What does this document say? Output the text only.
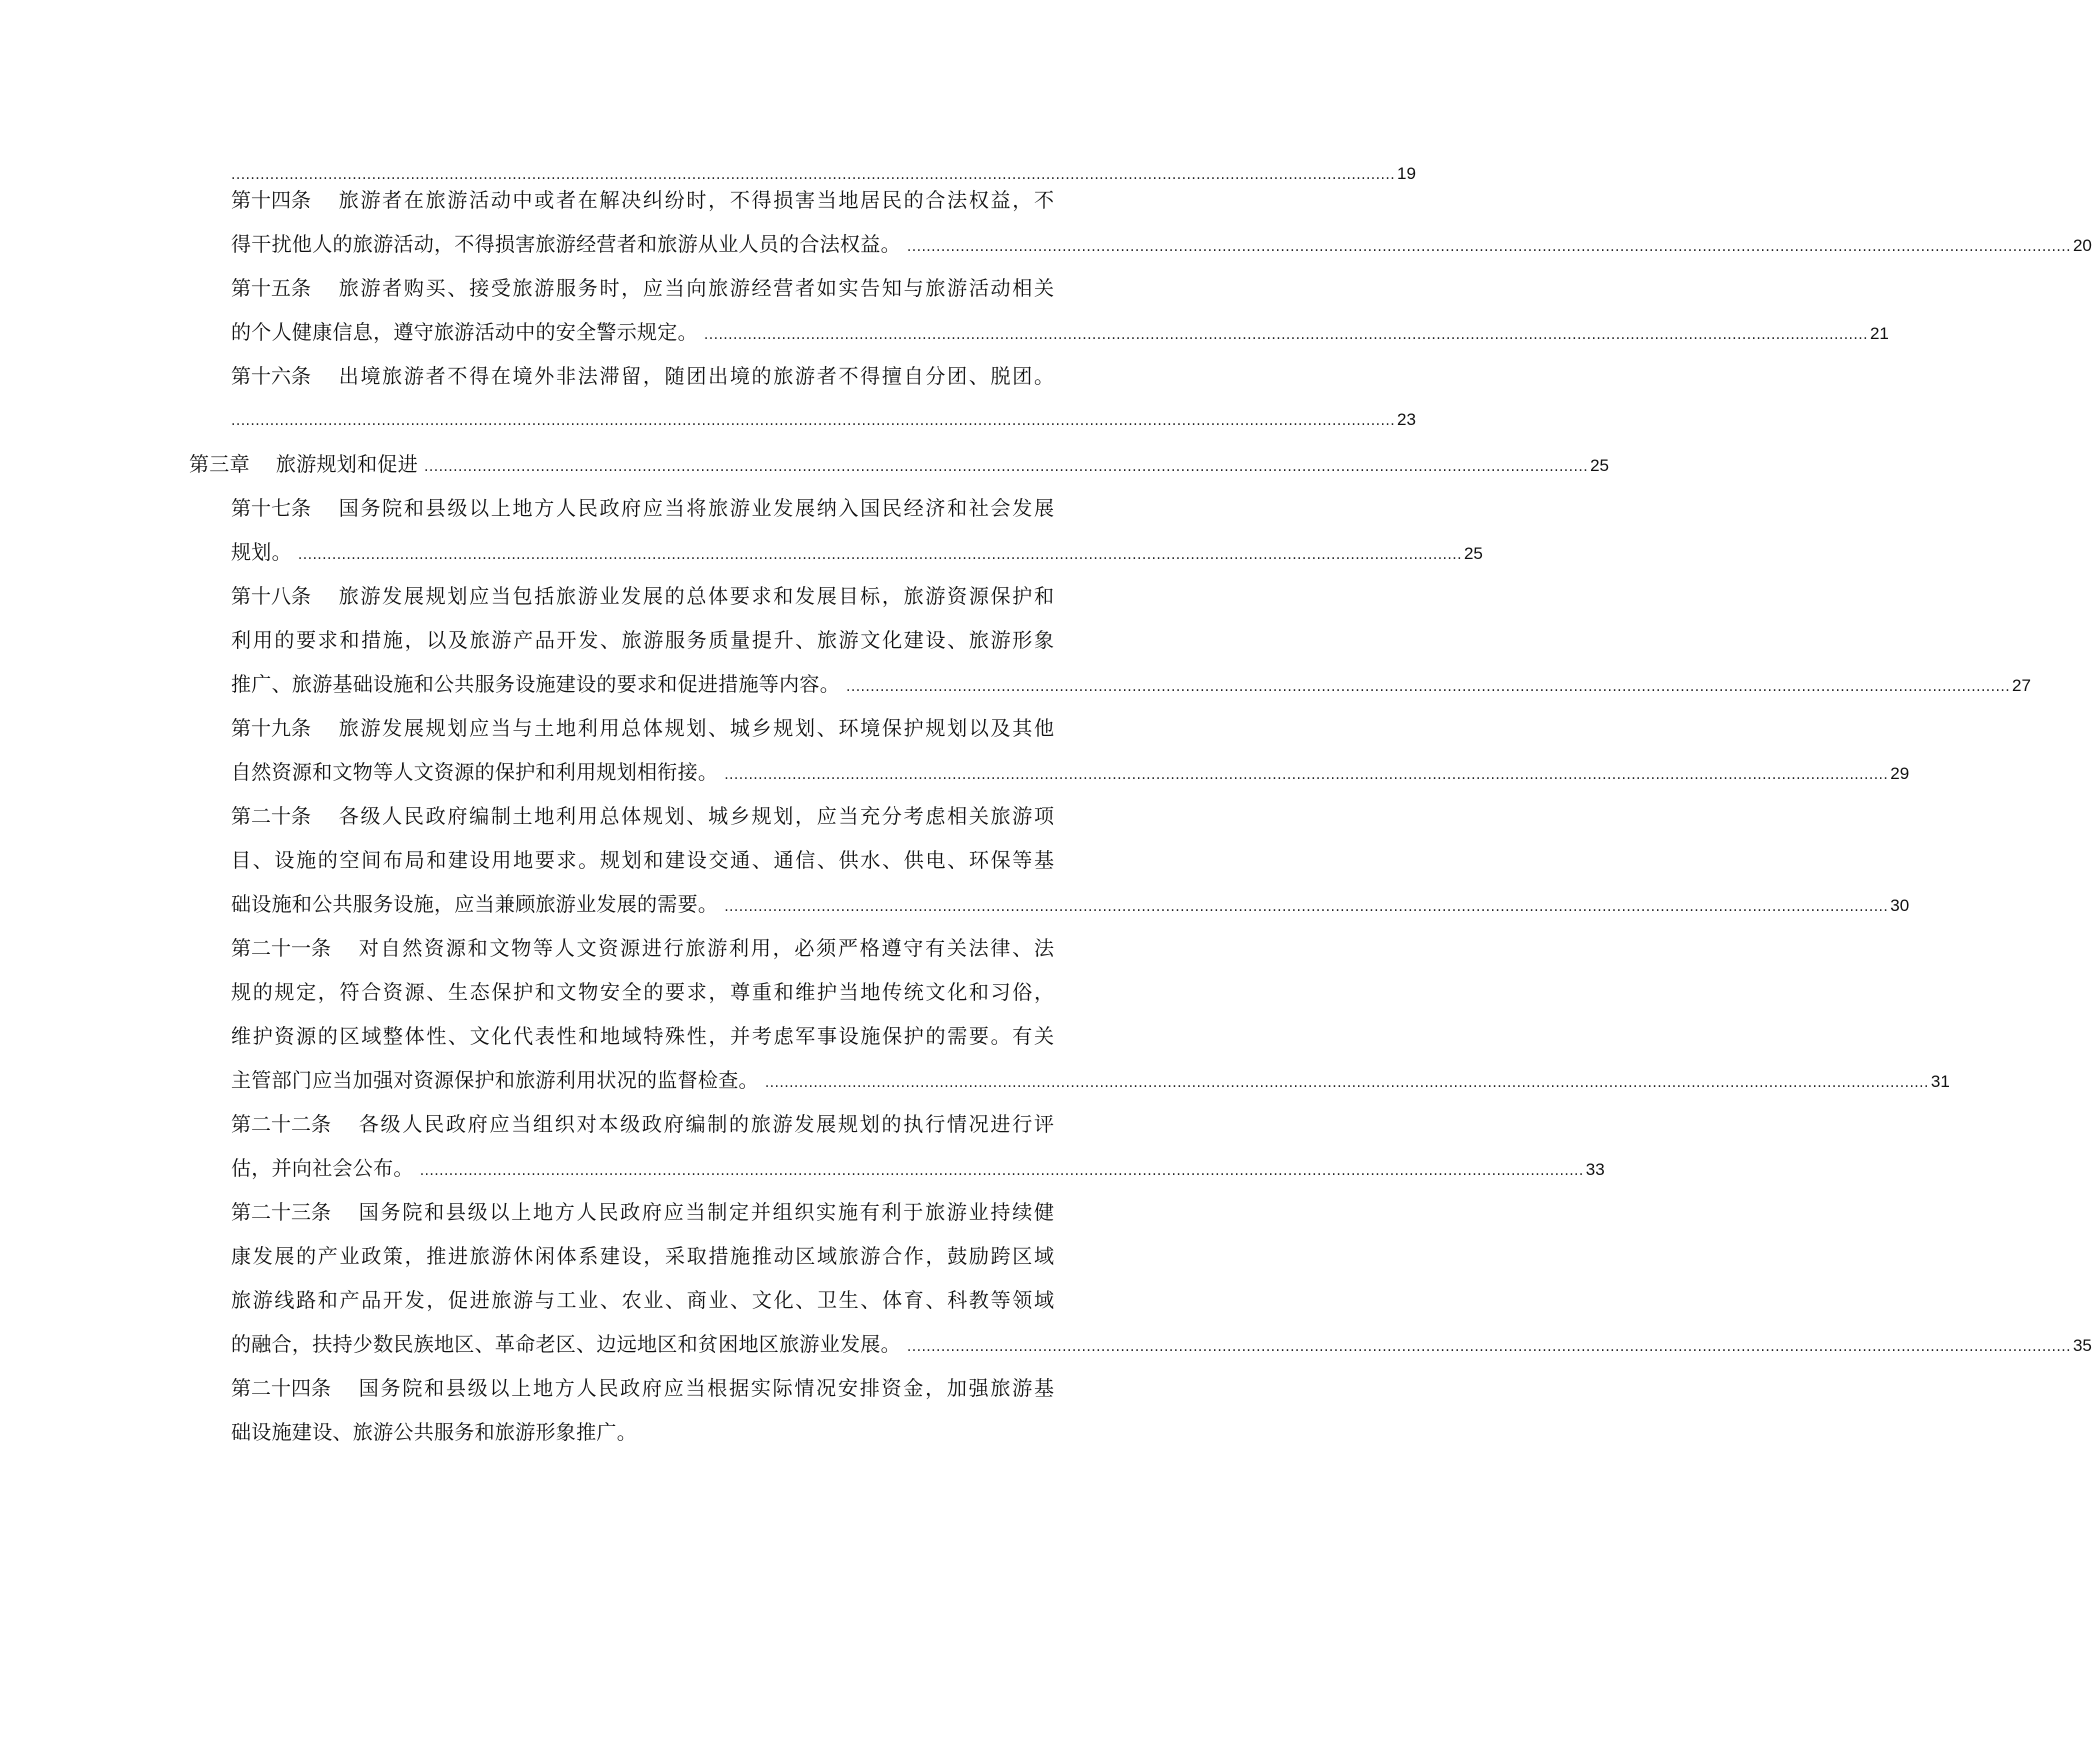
................................................................................................................................................................................................................................................ 19
第十四条 旅游者在旅游活动中或者在解决纠纷时，不得损害当地居民的合法权益，不
得干扰他人的旅游活动，不得损害旅游经营者和旅游从业人员的合法权益。 ................................................................................................................................................................................................................................................ 20
第十五条 旅游者购买、接受旅游服务时，应当向旅游经营者如实告知与旅游活动相关
的个人健康信息，遵守旅游活动中的安全警示规定。 ................................................................................................................................................................................................................................................ 21
第十六条 出境旅游者不得在境外非法滞留，随团出境的旅游者不得擅自分团、脱团。
................................................................................................................................................................................................................................................ 23
第三章 旅游规划和促进 ................................................................................................................................................................................................................................................ 25
第十七条 国务院和县级以上地方人民政府应当将旅游业发展纳入国民经济和社会发展
规划。 ................................................................................................................................................................................................................................................ 25
第十八条 旅游发展规划应当包括旅游业发展的总体要求和发展目标，旅游资源保护和
利用的要求和措施，以及旅游产品开发、旅游服务质量提升、旅游文化建设、旅游形象
推广、旅游基础设施和公共服务设施建设的要求和促进措施等内容。 ................................................................................................................................................................................................................................................ 27
第十九条 旅游发展规划应当与土地利用总体规划、城乡规划、环境保护规划以及其他
自然资源和文物等人文资源的保护和利用规划相衔接。 ................................................................................................................................................................................................................................................ 29
第二十条 各级人民政府编制土地利用总体规划、城乡规划，应当充分考虑相关旅游项
目、设施的空间布局和建设用地要求。规划和建设交通、通信、供水、供电、环保等基
础设施和公共服务设施，应当兼顾旅游业发展的需要。 ................................................................................................................................................................................................................................................ 30
第二十一条 对自然资源和文物等人文资源进行旅游利用，必须严格遵守有关法律、法
规的规定，符合资源、生态保护和文物安全的要求，尊重和维护当地传统文化和习俗，
维护资源的区域整体性、文化代表性和地域特殊性，并考虑军事设施保护的需要。有关
主管部门应当加强对资源保护和旅游利用状况的监督检查。 ................................................................................................................................................................................................................................................ 31
第二十二条 各级人民政府应当组织对本级政府编制的旅游发展规划的执行情况进行评
估，并向社会公布。 ................................................................................................................................................................................................................................................ 33
第二十三条 国务院和县级以上地方人民政府应当制定并组织实施有利于旅游业持续健
康发展的产业政策，推进旅游休闲体系建设，采取措施推动区域旅游合作，鼓励跨区域
旅游线路和产品开发，促进旅游与工业、农业、商业、文化、卫生、体育、科教等领域
的融合，扶持少数民族地区、革命老区、边远地区和贫困地区旅游业发展。 ................................................................................................................................................................................................................................................ 35
第二十四条 国务院和县级以上地方人民政府应当根据实际情况安排资金，加强旅游基
础设施建设、旅游公共服务和旅游形象推广。
